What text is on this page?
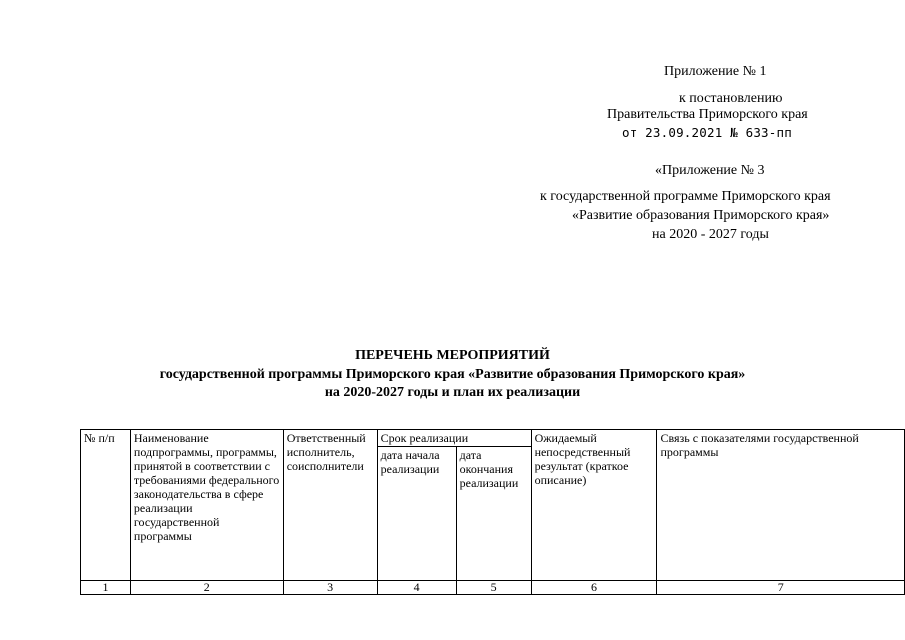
Приложение № 1
к постановлению
Правительства Приморского края
от 23.09.2021 № 633-пп
«Приложение № 3
к государственной программе Приморского края
«Развитие образования Приморского края»
на 2020 - 2027 годы
ПЕРЕЧЕНЬ МЕРОПРИЯТИЙ
государственной программы Приморского края «Развитие образования Приморского края»
на 2020-2027 годы и план их реализации
№ п/п	Наименование подпрограммы, программы, принятой в соответствии с требованиями федерального законодательства в сфере реализации государственной программы	Ответственный исполнитель, соисполнители	Срок реализации		Ожидаемый непосредственный результат (краткое описание)	Связь с показателями государственной программы
			дата начала реализации	дата окончания реализации		
1	2	3	4	5	6	7
